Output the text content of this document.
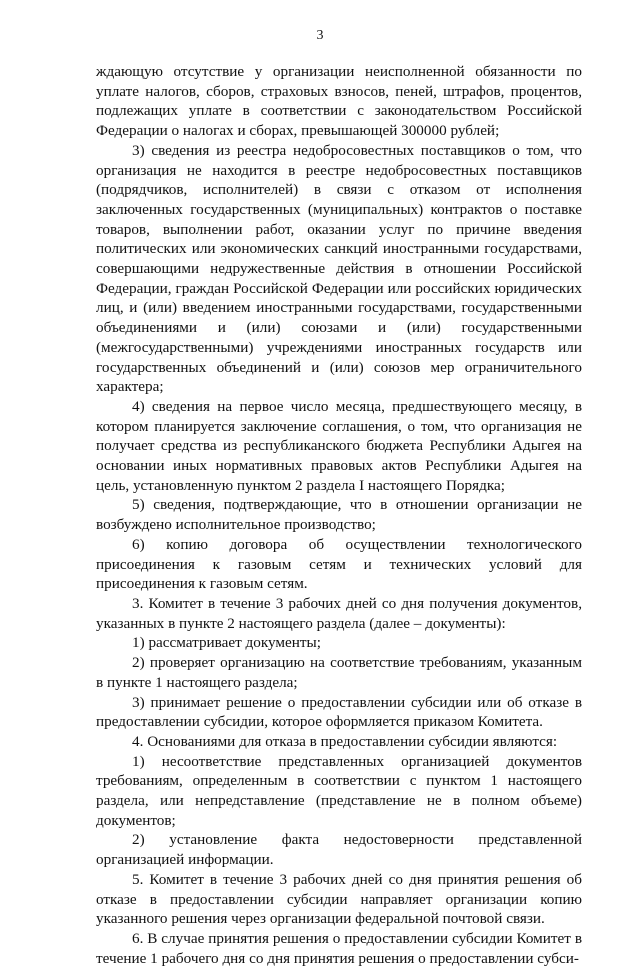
3

ждающую отсутствие у организации неисполненной обязанности по уплате налогов, сборов, страховых взносов, пеней, штрафов, процентов, подлежащих уплате в соответствии с законодательством Российской Федерации о налогах и сборах, превышающей 300000 рублей;

3) сведения из реестра недобросовестных поставщиков о том, что организация не находится в реестре недобросовестных поставщиков (подрядчиков, исполнителей) в связи с отказом от исполнения заключенных государственных (муниципальных) контрактов о поставке товаров, выполнении работ, оказании услуг по причине введения политических или экономических санкций иностранными государствами, совершающими недружественные действия в отношении Российской Федерации, граждан Российской Федерации или российских юридических лиц, и (или) введением иностранными государствами, государственными объединениями и (или) союзами и (или) государственными (межгосударственными) учреждениями иностранных государств или государственных объединений и (или) союзов мер ограничительного характера;

4) сведения на первое число месяца, предшествующего месяцу, в котором планируется заключение соглашения, о том, что организация не получает средства из республиканского бюджета Республики Адыгея на основании иных нормативных правовых актов Республики Адыгея на цель, установленную пунктом 2 раздела I настоящего Порядка;

5) сведения, подтверждающие, что в отношении организации не возбуждено исполнительное производство;

6) копию договора об осуществлении технологического присоединения к газовым сетям и технических условий для присоединения к газовым сетям.

3. Комитет в течение 3 рабочих дней со дня получения документов, указанных в пункте 2 настоящего раздела (далее – документы):

1) рассматривает документы;

2) проверяет организацию на соответствие требованиям, указанным в пункте 1 настоящего раздела;

3) принимает решение о предоставлении субсидии или об отказе в предоставлении субсидии, которое оформляется приказом Комитета.

4. Основаниями для отказа в предоставлении субсидии являются:

1) несоответствие представленных организацией документов требованиям, определенным в соответствии с пунктом 1 настоящего раздела, или непредставление (представление не в полном объеме) документов;

2) установление факта недостоверности представленной организацией информации.

5. Комитет в течение 3 рабочих дней со дня принятия решения об отказе в предоставлении субсидии направляет организации копию указанного решения через организации федеральной почтовой связи.

6. В случае принятия решения о предоставлении субсидии Комитет в течение 1 рабочего дня со дня принятия решения о предоставлении субси-
